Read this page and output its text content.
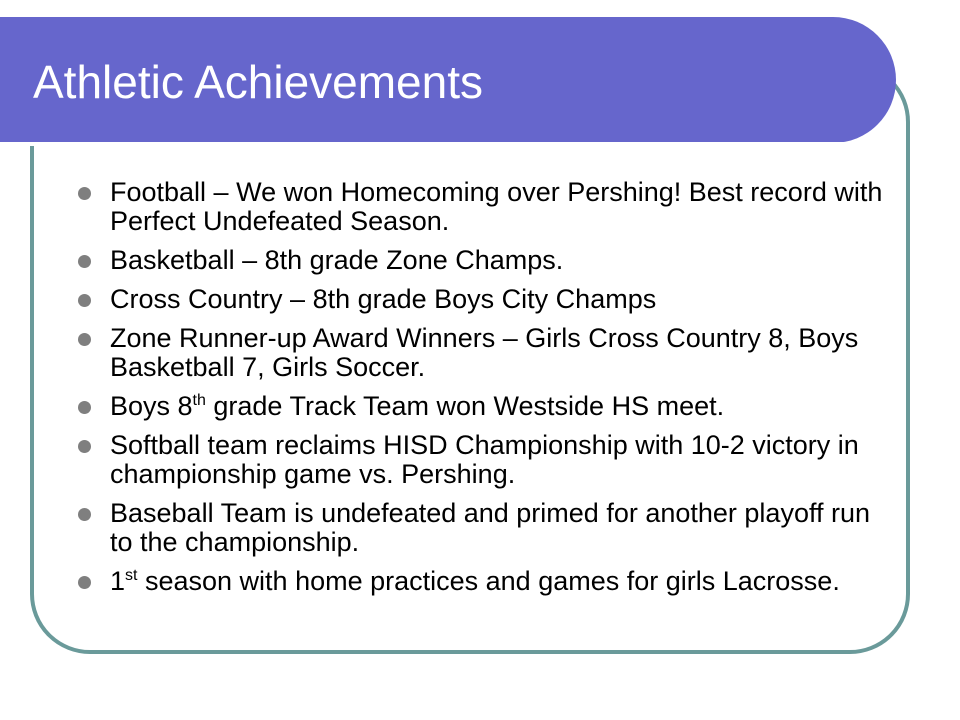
Athletic Achievements
Football – We won Homecoming over Pershing! Best record with Perfect Undefeated Season.
Basketball – 8th grade Zone Champs.
Cross Country – 8th grade Boys City Champs
Zone Runner-up Award Winners – Girls Cross Country 8, Boys Basketball 7, Girls Soccer.
Boys 8th grade Track Team won Westside HS meet.
Softball team reclaims HISD Championship with 10-2 victory in championship game vs. Pershing.
Baseball Team is undefeated and primed for another playoff run to the championship.
1st season with home practices and games for girls Lacrosse.
